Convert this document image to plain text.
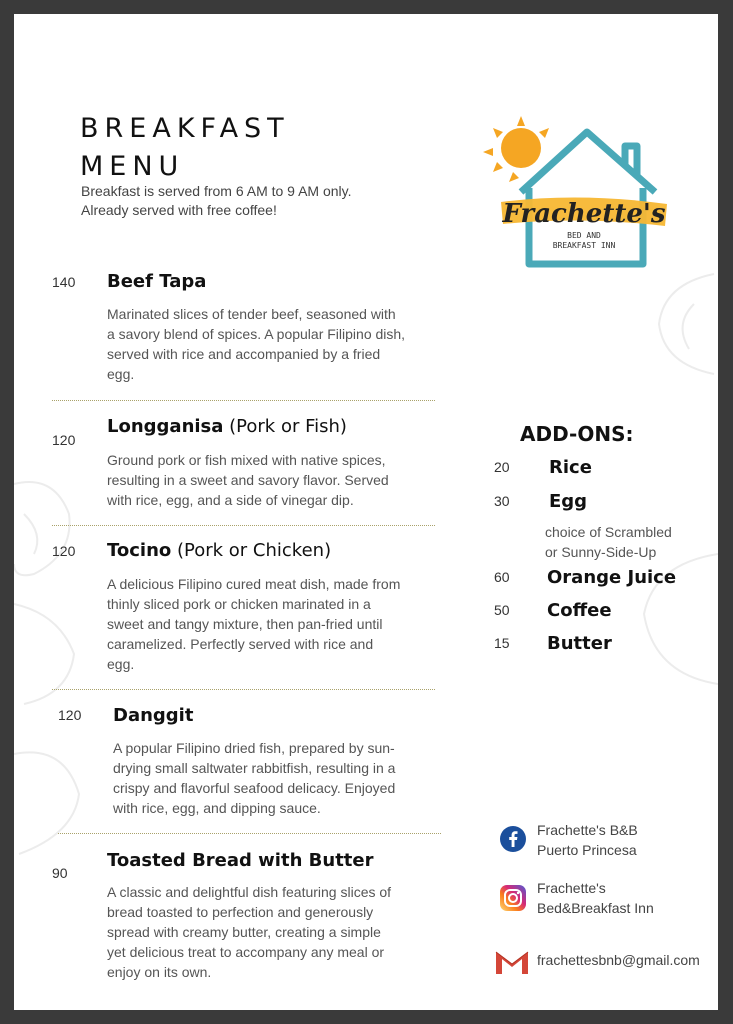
BREAKFAST
MENU
Breakfast is served from 6 AM to 9 AM only.
Already served with free coffee!	Frachette's
BED AND
BREAKFAST INN
140 Beef Tapa
Marinated slices of tender beef, seasoned with
a savory blend of spices. A popular Filipino dish,
served with rice and accompanied by a fried
egg.
120
Longganisa (Pork or Fish)
Ground pork or fish mixed with native spices,
resulting in a sweet and savory flavor. Served
with rice, egg, and a side of vinegar dip.
120 Tocino (Pork or Chicken)
A delicious Filipino cured meat dish, made from
thinly sliced pork or chicken marinated in a
sweet and tangy mixture, then pan-fried until
caramelized. Perfectly served with rice and
egg.
120 Danggit
A popular Filipino dried fish, prepared by sun-
drying small saltwater rabbitfish, resulting in a
crispy and flavorful seafood delicacy. Enjoyed
with rice, egg, and dipping sauce.
90
Toasted Bread with Butter
A classic and delightful dish featuring slices of
bread toasted to perfection and generously
spread with creamy butter, creating a simple
yet delicious treat to accompany any meal or
enjoy on its own.
ADD-ONS:
20 Rice
30 Egg
choice of Scrambled
or Sunny-Side-Up
60 Orange Juice
50 Coffee
15 Butter
Frachette's B&B
Puerto Princesa
Frachette's
Bed&Breakfast Inn
frachettesbnb@gmail.com
